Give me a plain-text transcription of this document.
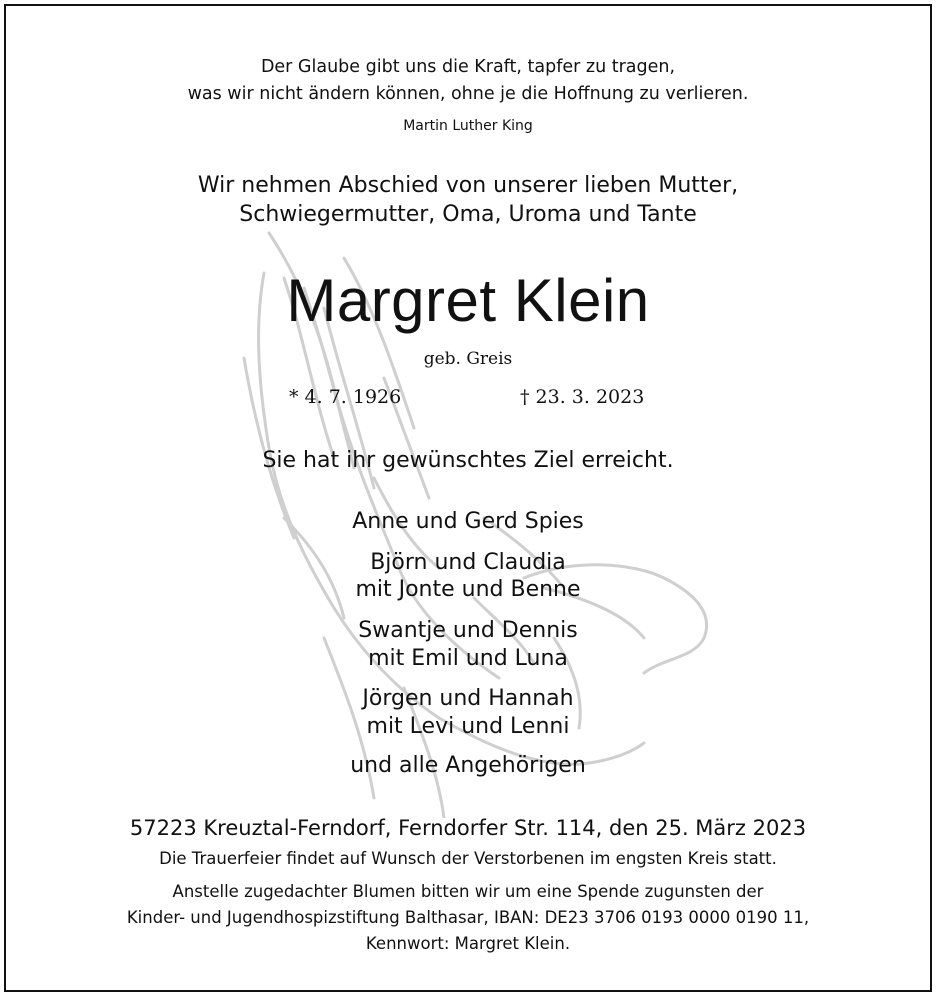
Der Glaube gibt uns die Kraft, tapfer zu tragen,
was wir nicht ändern können, ohne je die Hoffnung zu verlieren.
Martin Luther King
Wir nehmen Abschied von unserer lieben Mutter,
Schwiegermutter, Oma, Uroma und Tante
Margret Klein
geb. Greis
* 4. 7. 1926	† 23. 3. 2023
Sie hat ihr gewünschtes Ziel erreicht.
Anne und Gerd Spies
Björn und Claudia
mit Jonte und Benne
Swantje und Dennis
mit Emil und Luna
Jörgen und Hannah
mit Levi und Lenni
und alle Angehörigen
57223 Kreuztal-Ferndorf, Ferndorfer Str. 114, den 25. März 2023
Die Trauerfeier findet auf Wunsch der Verstorbenen im engsten Kreis statt.
Anstelle zugedachter Blumen bitten wir um eine Spende zugunsten der
Kinder- und Jugendhospizstiftung Balthasar, IBAN: DE23 3706 0193 0000 0190 11,
Kennwort: Margret Klein.
